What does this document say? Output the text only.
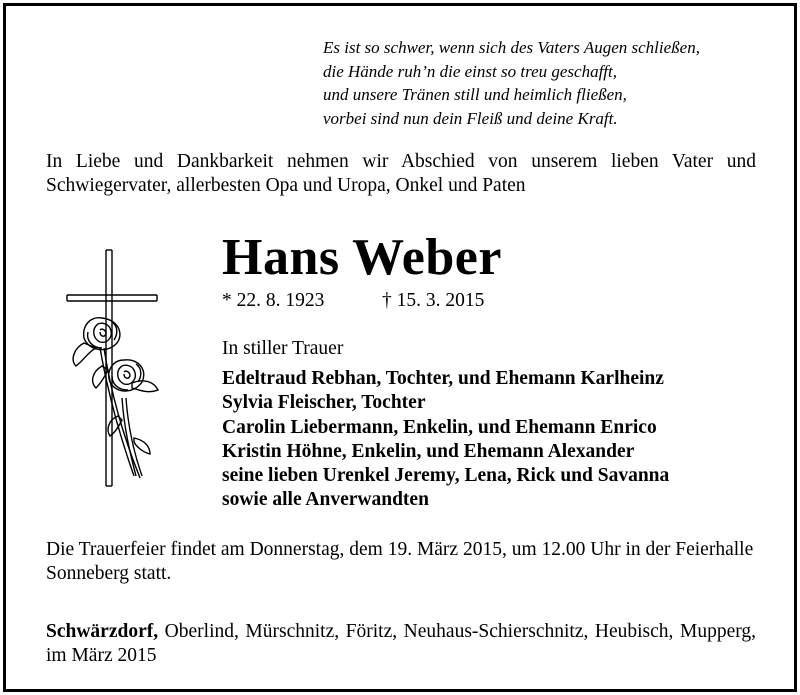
Es ist so schwer, wenn sich des Vaters Augen schließen,
die Hände ruh’n die einst so treu geschafft,
und unsere Tränen still und heimlich fließen,
vorbei sind nun dein Fleiß und deine Kraft.
In Liebe und Dankbarkeit nehmen wir Abschied von unserem lieben Vater und Schwiegervater, allerbesten Opa und Uropa, Onkel und Paten
Hans Weber
* 22. 8. 1923	† 15. 3. 2015
In stiller Trauer
Edeltraud Rebhan, Tochter, und Ehemann Karlheinz
Sylvia Fleischer, Tochter
Carolin Liebermann, Enkelin, und Ehemann Enrico
Kristin Höhne, Enkelin, und Ehemann Alexander
seine lieben Urenkel Jeremy, Lena, Rick und Savanna
sowie alle Anverwandten
Die Trauerfeier findet am Donnerstag, dem 19. März 2015, um 12.00 Uhr in der Feierhalle Sonneberg statt.
Schwärzdorf, Oberlind, Mürschnitz, Föritz, Neuhaus-Schierschnitz, Heubisch, Mupperg, im März 2015
